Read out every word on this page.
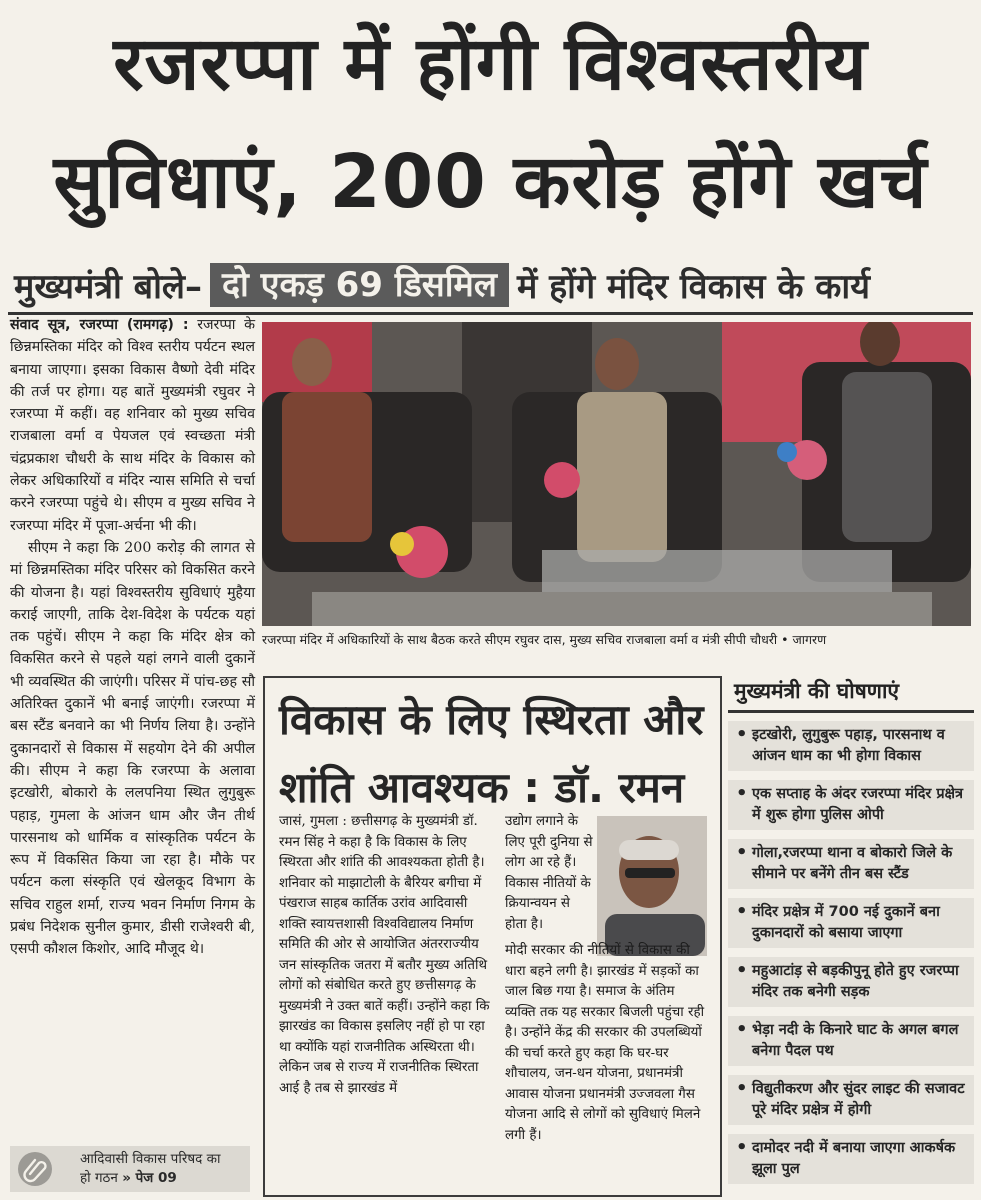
रजरप्पा में होंगी विश्वस्तरीय
सुविधाएं, 200 करोड़ होंगे खर्च
मुख्यमंत्री बोले– दो एकड़ 69 डिसमिल में होंगे मंदिर विकास के कार्य

संवाद सूत्र, रजरप्पा (रामगढ़) : रजरप्पा के छिन्नमस्तिका मंदिर को विश्व स्तरीय पर्यटन स्थल बनाया जाएगा। इसका विकास वैष्णो देवी मंदिर की तर्ज पर होगा। यह बातें मुख्यमंत्री रघुवर ने रजरप्पा में कहीं। वह शनिवार को मुख्य सचिव राजबाला वर्मा व पेयजल एवं स्वच्छता मंत्री चंद्रप्रकाश चौधरी के साथ मंदिर के विकास को लेकर अधिकारियों व मंदिर न्यास समिति से चर्चा करने रजरप्पा पहुंचे थे। सीएम व मुख्य सचिव ने रजरप्पा मंदिर में पूजा-अर्चना भी की।

सीएम ने कहा कि 200 करोड़ की लागत से मां छिन्नमस्तिका मंदिर परिसर को विकसित करने की योजना है। यहां विश्वस्तरीय सुविधाएं मुहैया कराई जाएगी, ताकि देश-विदेश के पर्यटक यहां तक पहुंचें। सीएम ने कहा कि मंदिर क्षेत्र को विकसित करने से पहले यहां लगने वाली दुकानें भी व्यवस्थित की जाएंगी। परिसर में पांच-छह सौ अतिरिक्त दुकानें भी बनाई जाएंगी। रजरप्पा में बस स्टैंड बनवाने का भी निर्णय लिया है। उन्होंने दुकानदारों से विकास में सहयोग देने की अपील की। सीएम ने कहा कि रजरप्पा के अलावा इटखोरी, बोकारो के ललपनिया स्थित लुगुबुरू पहाड़, गुमला के आंजन धाम और जैन तीर्थ पारसनाथ को धार्मिक व सांस्कृतिक पर्यटन के रूप में विकसित किया जा रहा है। मौके पर पर्यटन कला संस्कृति एवं खेलकूद विभाग के सचिव राहुल शर्मा, राज्य भवन निर्माण निगम के प्रबंध निदेशक सुनील कुमार, डीसी राजेश्वरी बी, एसपी कौशल किशोर, आदि मौजूद थे।

रजरप्पा मंदिर में अधिकारियों के साथ बैठक करते सीएम रघुवर दास, मुख्य सचिव राजबाला वर्मा व मंत्री सीपी चौधरी • जागरण
विकास के लिए स्थिरता और शांति आवश्यक : डॉ. रमन

जासं, गुमला : छत्तीसगढ़ के मुख्यमंत्री डॉ. रमन सिंह ने कहा है कि विकास के लिए स्थिरता और शांति की आवश्यकता होती है। शनिवार को माझाटोली के बैरियर बगीचा में पंखराज साहब कार्तिक उरांव आदिवासी शक्ति स्वायत्तशासी विश्वविद्यालय निर्माण समिति की ओर से आयोजित अंतरराज्यीय जन सांस्कृतिक जतरा में बतौर मुख्य अतिथि लोगों को संबोधित करते हुए छत्तीसगढ़ के मुख्यमंत्री ने उक्त बातें कहीं। उन्होंने कहा कि झारखंड का विकास इसलिए नहीं हो पा रहा था क्योंकि यहां राजनीतिक अस्थिरता थी। लेकिन जब से राज्य में राजनीतिक स्थिरता आई है तब से झारखंड में

उद्योग लगाने के लिए पूरी दुनिया से लोग आ रहे हैं। विकास नीतियों के क्रियान्वयन से होता है।

मोदी सरकार की नीतियों से विकास की धारा बहने लगी है। झारखंड में सड़कों का जाल बिछ गया है। समाज के अंतिम व्यक्ति तक यह सरकार बिजली पहुंचा रही है। उन्होंने केंद्र की सरकार की उपलब्धियों की चर्चा करते हुए कहा कि घर-घर शौचालय, जन-धन योजना, प्रधानमंत्री आवास योजना प्रधानमंत्री उज्जवला गैस योजना आदि से लोगों को सुविधाएं मिलने लगी हैं।

मुख्यमंत्री की घोषणाएं
• इटखोरी, लुगुबुरू पहाड़, पारसनाथ व आंजन धाम का भी होगा विकास
• एक सप्ताह के अंदर रजरप्पा मंदिर प्रक्षेत्र में शुरू होगा पुलिस ओपी
• गोला,रजरप्पा थाना व बोकारो जिले के सीमाने पर बनेंगे तीन बस स्टैंड
• मंदिर प्रक्षेत्र में 700 नई दुकानें बना दुकानदारों को बसाया जाएगा
• महुआटांड़ से बड़कीपुनू होते हुए रजरप्पा मंदिर तक बनेगी सड़क
• भेड़ा नदी के किनारे घाट के अगल बगल बनेगा पैदल पथ
• विद्युतीकरण और सुंदर लाइट की सजावट पूरे मंदिर प्रक्षेत्र में होगी
• दामोदर नदी में बनाया जाएगा आकर्षक झूला पुल
आदिवासी विकास परिषद का
हो गठन » पेज 09
